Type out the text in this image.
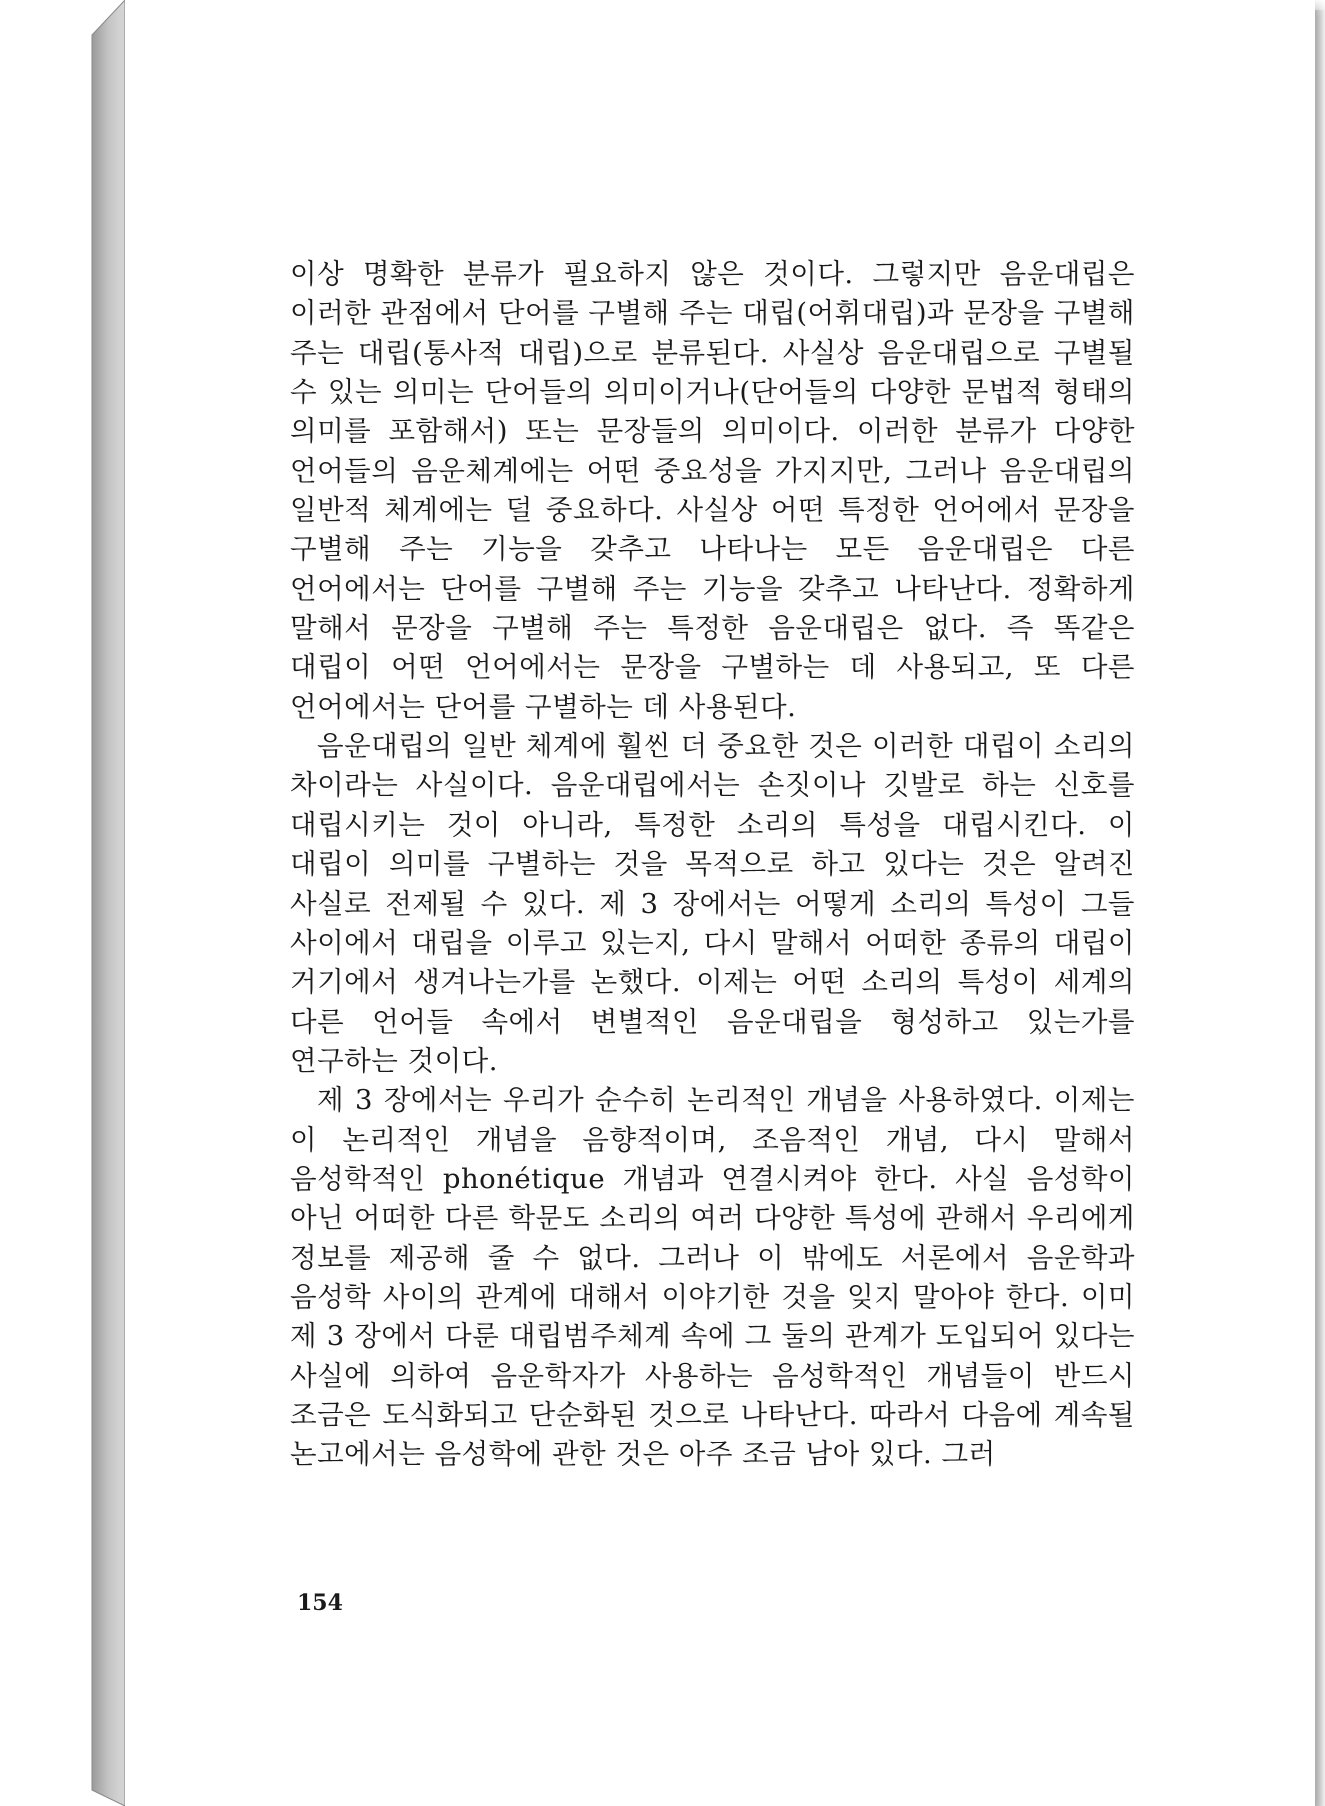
이상 명확한 분류가 필요하지 않은 것이다. 그렇지만 음운대립은 이러한 관점에서 단어를 구별해 주는 대립(어휘대립)과 문장을 구별해 주는 대립(통사적 대립)으로 분류된다. 사실상 음운대립으로 구별될 수 있는 의미는 단어들의 의미이거나(단어들의 다양한 문법적 형태의 의미를 포함해서) 또는 문장들의 의미이다. 이러한 분류가 다양한 언어들의 음운체계에는 어떤 중요성을 가지지만, 그러나 음운대립의 일반적 체계에는 덜 중요하다. 사실상 어떤 특정한 언어에서 문장을 구별해 주는 기능을 갖추고 나타나는 모든 음운대립은 다른 언어에서는 단어를 구별해 주는 기능을 갖추고 나타난다. 정확하게 말해서 문장을 구별해 주는 특정한 음운대립은 없다. 즉 똑같은 대립이 어떤 언어에서는 문장을 구별하는 데 사용되고, 또 다른 언어에서는 단어를 구별하는 데 사용된다.

음운대립의 일반 체계에 훨씬 더 중요한 것은 이러한 대립이 소리의 차이라는 사실이다. 음운대립에서는 손짓이나 깃발로 하는 신호를 대립시키는 것이 아니라, 특정한 소리의 특성을 대립시킨다. 이 대립이 의미를 구별하는 것을 목적으로 하고 있다는 것은 알려진 사실로 전제될 수 있다. 제 3 장에서는 어떻게 소리의 특성이 그들 사이에서 대립을 이루고 있는지, 다시 말해서 어떠한 종류의 대립이 거기에서 생겨나는가를 논했다. 이제는 어떤 소리의 특성이 세계의 다른 언어들 속에서 변별적인 음운대립을 형성하고 있는가를 연구하는 것이다.

제 3 장에서는 우리가 순수히 논리적인 개념을 사용하였다. 이제는 이 논리적인 개념을 음향적이며, 조음적인 개념, 다시 말해서 음성학적인 phonétique 개념과 연결시켜야 한다. 사실 음성학이 아닌 어떠한 다른 학문도 소리의 여러 다양한 특성에 관해서 우리에게 정보를 제공해 줄 수 없다. 그러나 이 밖에도 서론에서 음운학과 음성학 사이의 관계에 대해서 이야기한 것을 잊지 말아야 한다. 이미 제 3 장에서 다룬 대립범주체계 속에 그 둘의 관계가 도입되어 있다는 사실에 의하여 음운학자가 사용하는 음성학적인 개념들이 반드시 조금은 도식화되고 단순화된 것으로 나타난다. 따라서 다음에 계속될 논고에서는 음성학에 관한 것은 아주 조금 남아 있다. 그러

154
